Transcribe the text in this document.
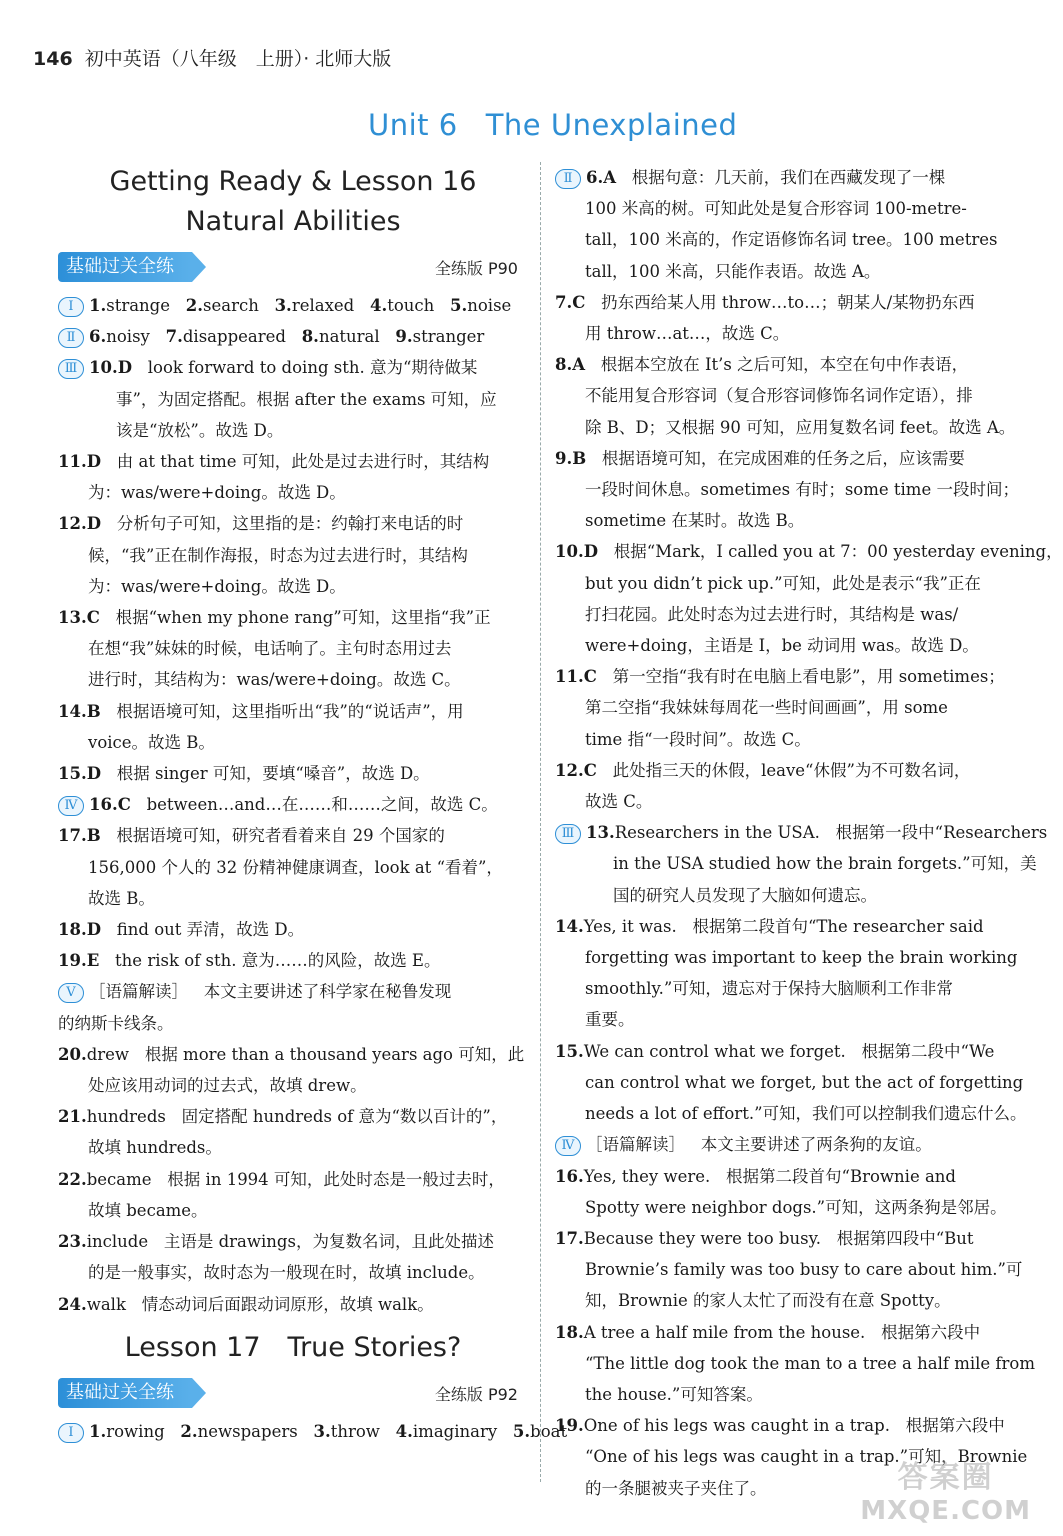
146 初中英语（八年级　上册）· 北师大版
Unit 6 The Unexplained
Getting Ready & Lesson 16
Natural Abilities
基础过关全练	全练版 P90
Ⅰ 1.strange 2.search 3.relaxed 4.touch 5.noise
Ⅱ 6.noisy 7.disappeared 8.natural 9.stranger
Ⅲ 10.D look forward to doing sth. 意为“期待做某
事”，为固定搭配。根据 after the exams 可知，应
该是“放松”。故选 D。
11.D 由 at that time 可知，此处是过去进行时，其结构
为：was/were+doing。故选 D。
12.D 分析句子可知，这里指的是：约翰打来电话的时
候，“我”正在制作海报，时态为过去进行时，其结构
为：was/were+doing。故选 D。
13.C 根据“when my phone rang”可知，这里指“我”正
在想“我”妹妹的时候，电话响了。主句时态用过去
进行时，其结构为：was/were+doing。故选 C。
14.B 根据语境可知，这里指听出“我”的“说话声”，用
voice。故选 B。
15.D 根据 singer 可知，要填“嗓音”，故选 D。
Ⅳ 16.C between…and…在……和……之间，故选 C。
17.B 根据语境可知，研究者看着来自 29 个国家的
156,000 个人的 32 份精神健康调查，look at “看着”，
故选 B。
18.D find out 弄清，故选 D。
19.E the risk of sth. 意为……的风险，故选 E。
Ⅴ ［语篇解读］ 本文主要讲述了科学家在秘鲁发现
的纳斯卡线条。
20.drew 根据 more than a thousand years ago 可知，此
处应该用动词的过去式，故填 drew。
21.hundreds 固定搭配 hundreds of 意为“数以百计的”，
故填 hundreds。
22.became 根据 in 1994 可知，此处时态是一般过去时，
故填 became。
23.include 主语是 drawings，为复数名词，且此处描述
的是一般事实，故时态为一般现在时，故填 include。
24.walk 情态动词后面跟动词原形，故填 walk。
Lesson 17　True Stories?
基础过关全练	全练版 P92
Ⅰ 1.rowing 2.newspapers 3.throw 4.imaginary 5.boat
Ⅱ 6.A 根据句意：几天前，我们在西藏发现了一棵
100 米高的树。可知此处是复合形容词 100-metre-
tall，100 米高的，作定语修饰名词 tree。100 metres
tall，100 米高，只能作表语。故选 A。
7.C 扔东西给某人用 throw…to…；朝某人/某物扔东西
用 throw…at…，故选 C。
8.A 根据本空放在 It’s 之后可知，本空在句中作表语，
不能用复合形容词（复合形容词修饰名词作定语），排
除 B、D；又根据 90 可知，应用复数名词 feet。故选 A。
9.B 根据语境可知，在完成困难的任务之后，应该需要
一段时间休息。sometimes 有时；some time 一段时间；
sometime 在某时。故选 B。
10.D 根据“Mark，I called you at 7：00 yesterday evening，
but you didn’t pick up.”可知，此处是表示“我”正在
打扫花园。此处时态为过去进行时，其结构是 was/
were+doing，主语是 I，be 动词用 was。故选 D。
11.C 第一空指“我有时在电脑上看电影”，用 sometimes；
第二空指“我妹妹每周花一些时间画画”，用 some
time 指“一段时间”。故选 C。
12.C 此处指三天的休假，leave“休假”为不可数名词，
故选 C。
Ⅲ 13.Researchers in the USA. 根据第一段中“Researchers
in the USA studied how the brain forgets.”可知，美
国的研究人员发现了大脑如何遗忘。
14.Yes, it was. 根据第二段首句“The researcher said
forgetting was important to keep the brain working
smoothly.”可知，遗忘对于保持大脑顺利工作非常
重要。
15.We can control what we forget. 根据第二段中“We
can control what we forget, but the act of forgetting
needs a lot of effort.”可知，我们可以控制我们遗忘什么。
Ⅳ ［语篇解读］ 本文主要讲述了两条狗的友谊。
16.Yes, they were. 根据第二段首句“Brownie and
Spotty were neighbor dogs.”可知，这两条狗是邻居。
17.Because they were too busy. 根据第四段中“But
Brownie’s family was too busy to care about him.”可
知，Brownie 的家人太忙了而没有在意 Spotty。
18.A tree a half mile from the house. 根据第六段中
“The little dog took the man to a tree a half mile from
the house.”可知答案。
19.One of his legs was caught in a trap. 根据第六段中
“One of his legs was caught in a trap.”可知，Brownie
的一条腿被夹子夹住了。	答案圈
MXQE.COM
